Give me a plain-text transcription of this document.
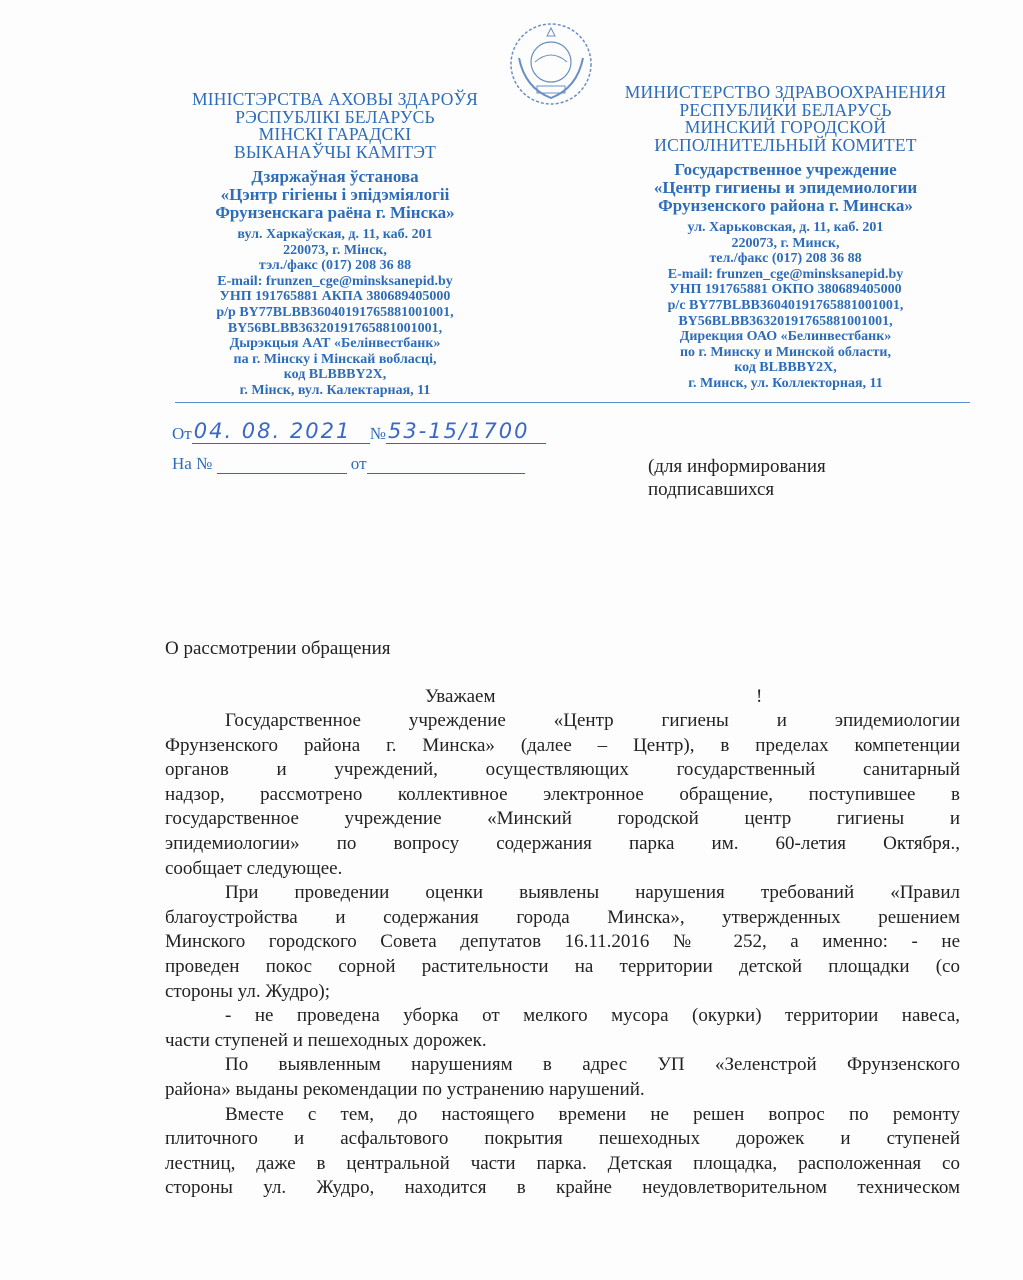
МІНІСТЭРСТВА АХОВЫ ЗДАРОЎЯ
РЭСПУБЛІКІ БЕЛАРУСЬ
МІНСКІ ГАРАДСКІ
ВЫКАНАЎЧЫ КАМІТЭТ
Дзяржаўная ўстанова
«Цэнтр гігіены і эпідэміялогіі
Фрунзенскага раёна г. Мінска»
вул. Харкаўская, д. 11, каб. 201
220073, г. Мінск,
тэл./факс (017) 208 36 88
E-mail: frunzen_cge@minsksanepid.by
УНП 191765881 АКПА 380689405000
р/р BY77BLBB36040191765881001001,
BY56BLBB36320191765881001001,
Дырэкцыя ААТ «Белінвестбанк»
па г. Мінску і Мінскай вобласці,
код BLBBBY2X,
г. Мінск, вул. Калектарная, 11
МИНИСТЕРСТВО ЗДРАВООХРАНЕНИЯ
РЕСПУБЛИКИ БЕЛАРУСЬ
МИНСКИЙ ГОРОДСКОЙ
ИСПОЛНИТЕЛЬНЫЙ КОМИТЕТ
Государственное учреждение
«Центр гигиены и эпидемиологии
Фрунзенского района г. Минска»
ул. Харьковская, д. 11, каб. 201
220073, г. Минск,
тел./факс (017) 208 36 88
E-mail: frunzen_cge@minsksanepid.by
УНП 191765881 ОКПО 380689405000
р/с BY77BLBB36040191765881001001,
BY56BLBB36320191765881001001,
Дирекция ОАО «Белинвестбанк»
по г. Минску и Минской области,
код BLBBBY2X,
г. Минск, ул. Коллекторная, 11
От 04. 08. 2021 № 53-15/1700
На №	от	(для информирования
подписавшихся
О рассмотрении обращения
Уважаем	!
Государственное учреждение «Центр гигиены и эпидемиологии
Фрунзенского района г. Минска» (далее – Центр), в пределах компетенции
органов и учреждений, осуществляющих государственный санитарный
надзор, рассмотрено коллективное электронное обращение, поступившее в
государственное учреждение «Минский городской центр гигиены и
эпидемиологии» по вопросу содержания парка им. 60-летия Октября.,
сообщает следующее.
При проведении оценки выявлены нарушения требований «Правил
благоустройства и содержания города Минска», утвержденных решением
Минского городского Совета депутатов 16.11.2016 № 252, а именно: - не
проведен покос сорной растительности на территории детской площадки (со
стороны ул. Жудро);
- не проведена уборка от мелкого мусора (окурки) территории навеса,
части ступеней и пешеходных дорожек.
По выявленным нарушениям в адрес УП «Зеленстрой Фрунзенского
района» выданы рекомендации по устранению нарушений.
Вместе с тем, до настоящего времени не решен вопрос по ремонту
плиточного и асфальтового покрытия пешеходных дорожек и ступеней
лестниц, даже в центральной части парка. Детская площадка, расположенная со
стороны ул. Жудро, находится в крайне неудовлетворительном техническом
